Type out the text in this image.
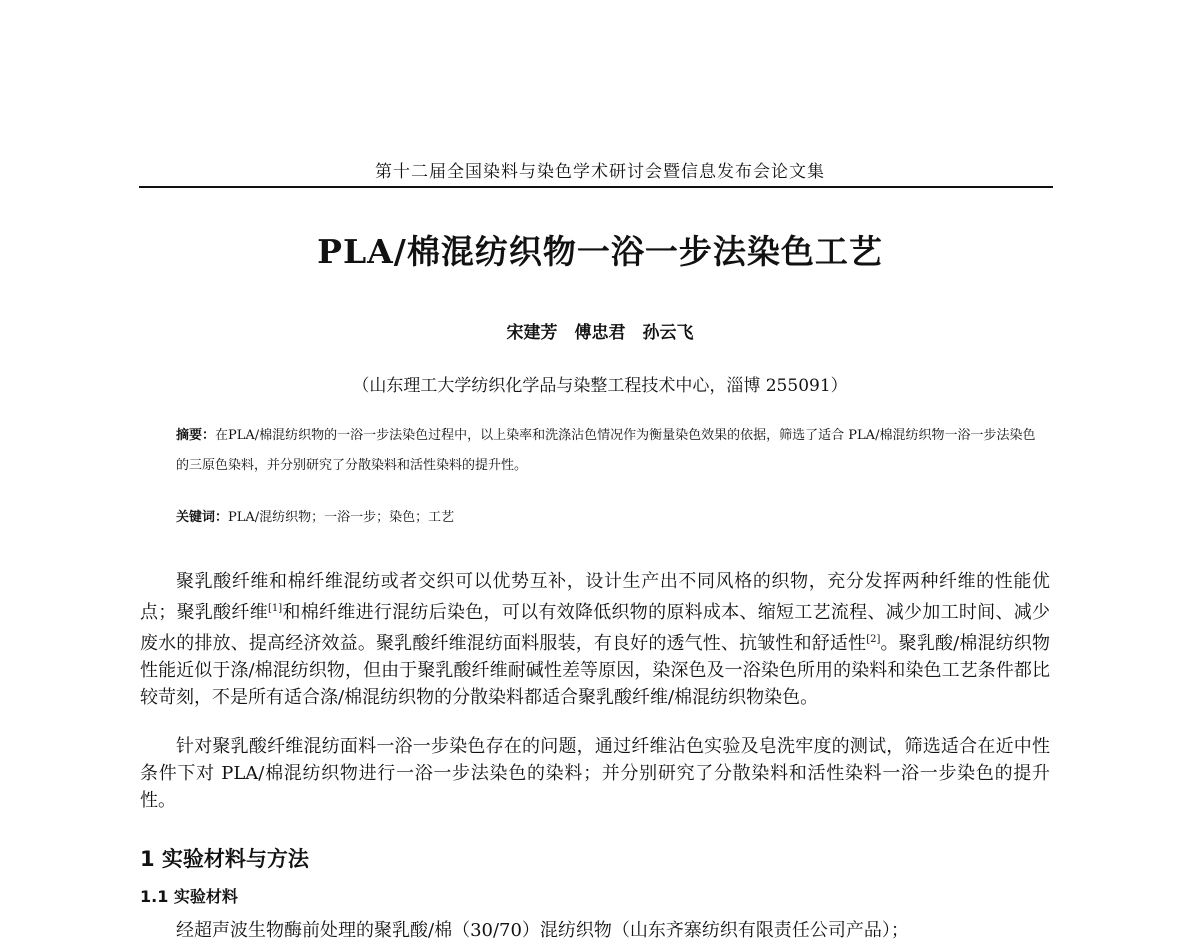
第十二届全国染料与染色学术研讨会暨信息发布会论文集
PLA/棉混纺织物一浴一步法染色工艺
宋建芳　傅忠君　孙云飞
（山东理工大学纺织化学品与染整工程技术中心，淄博 255091）
摘要：在PLA/棉混纺织物的一浴一步法染色过程中，以上染率和洗涤沾色情况作为衡量染色效果的依据，筛选了适合 PLA/棉混纺织物一浴一步法染色的三原色染料，并分别研究了分散染料和活性染料的提升性。
关键词：PLA/混纺织物；一浴一步；染色；工艺
聚乳酸纤维和棉纤维混纺或者交织可以优势互补，设计生产出不同风格的织物，充分发挥两种纤维的性能优点；聚乳酸纤维[1]和棉纤维进行混纺后染色，可以有效降低织物的原料成本、缩短工艺流程、减少加工时间、减少废水的排放、提高经济效益。聚乳酸纤维混纺面料服装，有良好的透气性、抗皱性和舒适性[2]。聚乳酸/棉混纺织物性能近似于涤/棉混纺织物，但由于聚乳酸纤维耐碱性差等原因，染深色及一浴染色所用的染料和染色工艺条件都比较苛刻，不是所有适合涤/棉混纺织物的分散染料都适合聚乳酸纤维/棉混纺织物染色。
针对聚乳酸纤维混纺面料一浴一步染色存在的问题，通过纤维沾色实验及皂洗牢度的测试，筛选适合在近中性条件下对 PLA/棉混纺织物进行一浴一步法染色的染料；并分别研究了分散染料和活性染料一浴一步染色的提升性。
1 实验材料与方法
1.1 实验材料
经超声波生物酶前处理的聚乳酸/棉（30/70）混纺织物（山东齐寨纺织有限责任公司产品）；
